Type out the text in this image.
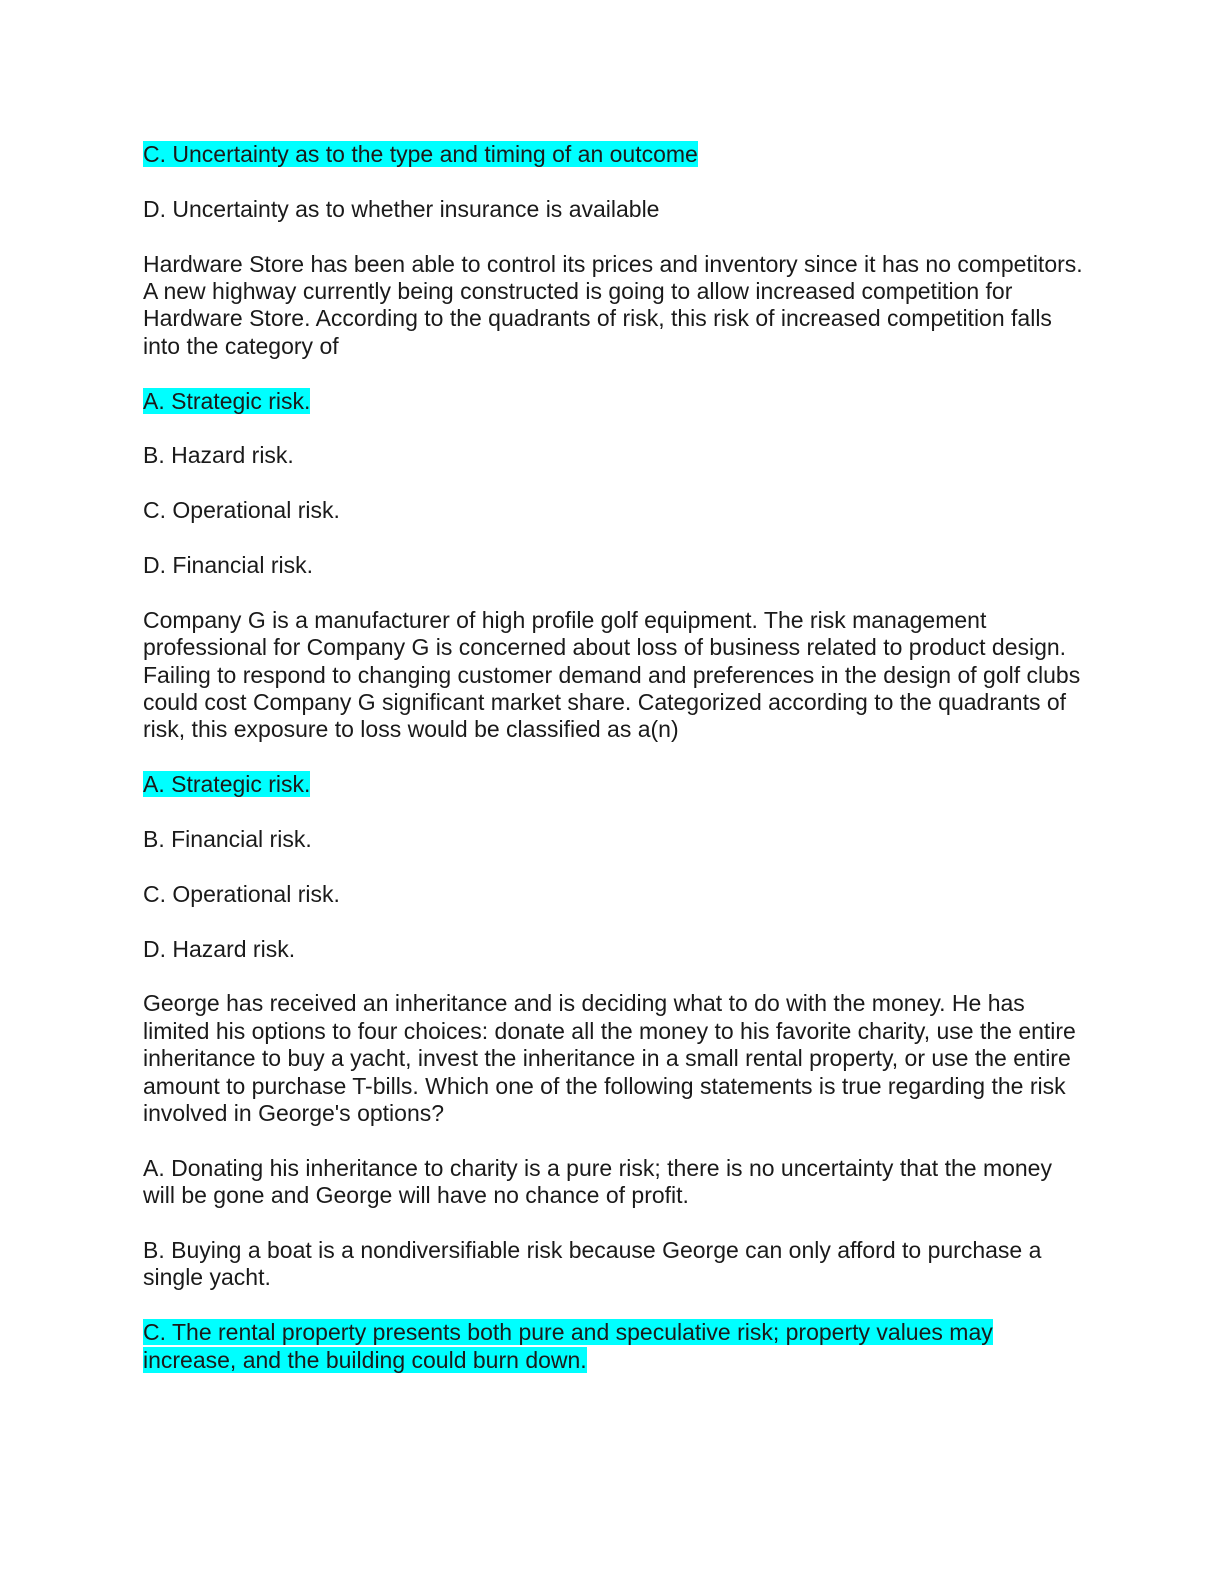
C. Uncertainty as to the type and timing of an outcome

D. Uncertainty as to whether insurance is available

Hardware Store has been able to control its prices and inventory since it has no competitors. A new highway currently being constructed is going to allow increased competition for Hardware Store. According to the quadrants of risk, this risk of increased competition falls into the category of

A. Strategic risk.

B. Hazard risk.

C. Operational risk.

D. Financial risk.

Company G is a manufacturer of high profile golf equipment. The risk management professional for Company G is concerned about loss of business related to product design. Failing to respond to changing customer demand and preferences in the design of golf clubs could cost Company G significant market share. Categorized according to the quadrants of risk, this exposure to loss would be classified as a(n)

A. Strategic risk.

B. Financial risk.

C. Operational risk.

D. Hazard risk.

George has received an inheritance and is deciding what to do with the money. He has limited his options to four choices: donate all the money to his favorite charity, use the entire inheritance to buy a yacht, invest the inheritance in a small rental property, or use the entire amount to purchase T-bills. Which one of the following statements is true regarding the risk involved in George's options?

A. Donating his inheritance to charity is a pure risk; there is no uncertainty that the money will be gone and George will have no chance of profit.

B. Buying a boat is a nondiversifiable risk because George can only afford to purchase a single yacht.

C. The rental property presents both pure and speculative risk; property values may increase, and the building could burn down.
